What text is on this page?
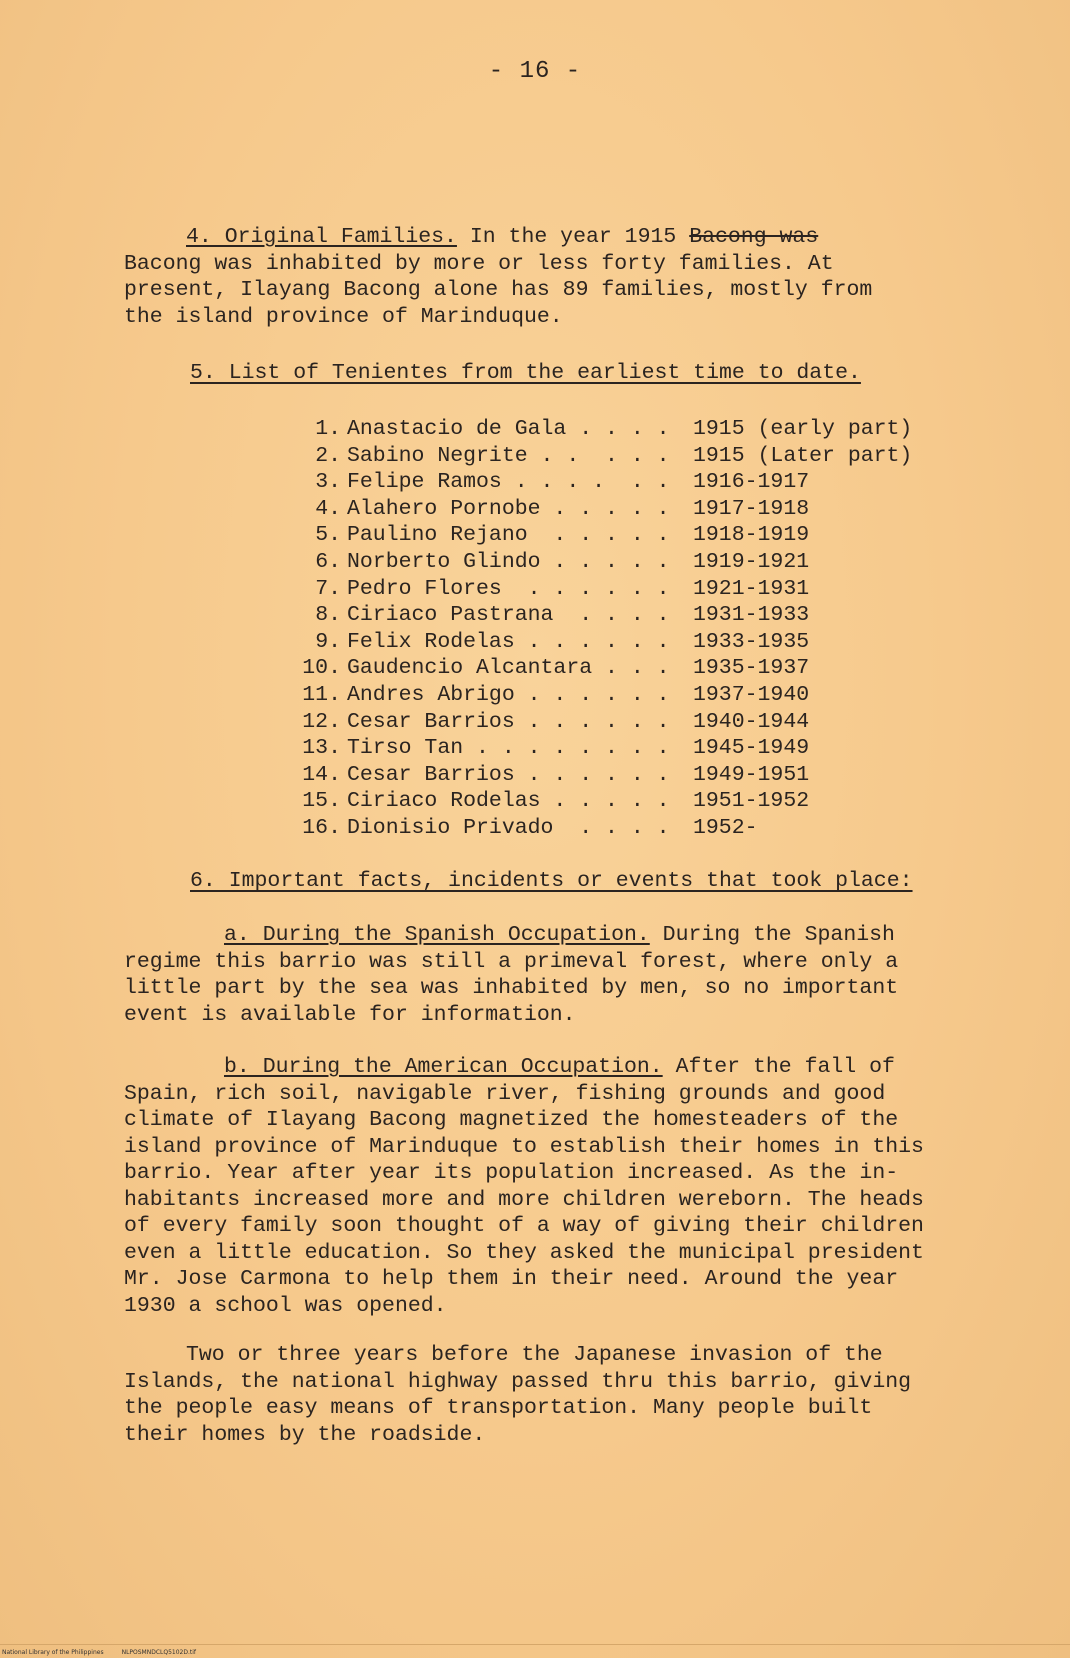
- 16 -
4. Original Families. In the year 1915 Bacong was
Bacong was inhabited by more or less forty families. At
present, Ilayang Bacong alone has 89 families, mostly from
the island province of Marinduque.
5. List of Tenientes from the earliest time to date.
1. Anastacio de Gala . . . .	1915 (early part)
2. Sabino Negrite . .  . . .	1915 (Later part)
3. Felipe Ramos . . . .  . .	1916-1917
4. Alahero Pornobe . . . . .	1917-1918
5. Paulino Rejano  . . . . .	1918-1919
6. Norberto Glindo . . . . .	1919-1921
7. Pedro Flores  . . . . . .	1921-1931
8. Ciriaco Pastrana  . . . .	1931-1933
9. Felix Rodelas . . . . . .	1933-1935
10. Gaudencio Alcantara . . .	1935-1937
11. Andres Abrigo . . . . . .	1937-1940
12. Cesar Barrios . . . . . .	1940-1944
13. Tirso Tan . . . . . . . .	1945-1949
14. Cesar Barrios . . . . . .	1949-1951
15. Ciriaco Rodelas . . . . .	1951-1952
16. Dionisio Privado  . . . .	1952-
6. Important facts, incidents or events that took place:
a. During the Spanish Occupation. During the Spanish
regime this barrio was still a primeval forest, where only a
little part by the sea was inhabited by men, so no important
event is available for information.
b. During the American Occupation. After the fall of
Spain, rich soil, navigable river, fishing grounds and good
climate of Ilayang Bacong magnetized the homesteaders of the
island province of Marinduque to establish their homes in this
barrio. Year after year its population increased. As the in-
habitants increased more and more children wereborn. The heads
of every family soon thought of a way of giving their children
even a little education. So they asked the municipal president
Mr. Jose Carmona to help them in their need. Around the year
1930 a school was opened.
Two or three years before the Japanese invasion of the
Islands, the national highway passed thru this barrio, giving
the people easy means of transportation. Many people built
their homes by the roadside.
National Library of the Philippines	NLPOSMNDCLQ5102D.tif
